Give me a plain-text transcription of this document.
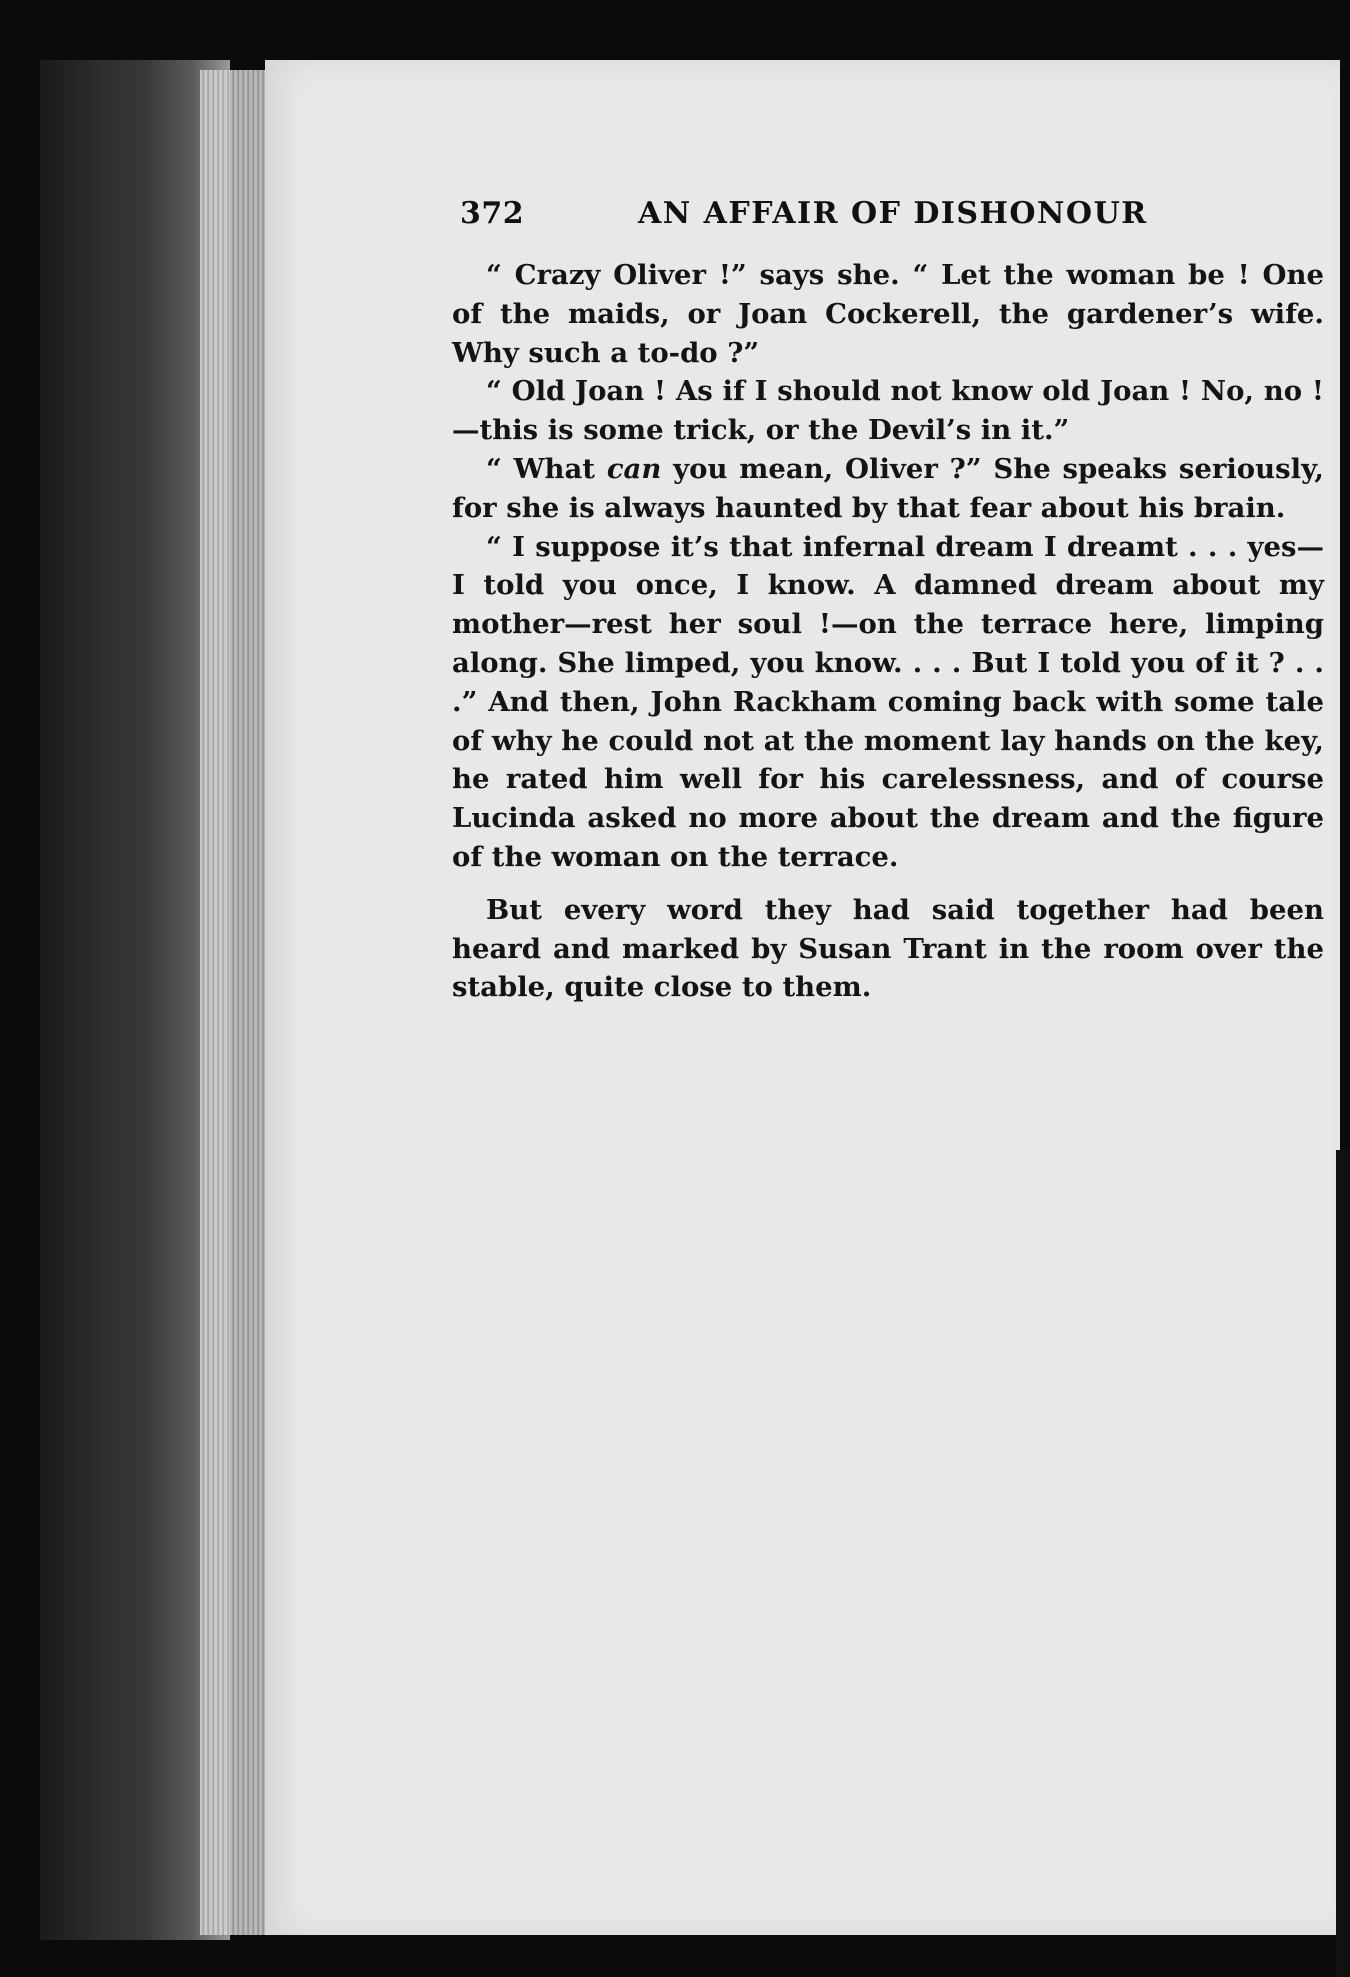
372	AN AFFAIR OF DISHONOUR

“ Crazy Oliver !” says she. “ Let the woman be ! One of the maids, or Joan Cockerell, the gardener’s wife. Why such a to-do ?”

“ Old Joan ! As if I should not know old Joan ! No, no !—this is some trick, or the Devil’s in it.”

“ What can you mean, Oliver ?” She speaks seriously, for she is always haunted by that fear about his brain.

“ I suppose it’s that infernal dream I dreamt . . . yes—I told you once, I know. A damned dream about my mother—rest her soul !—on the terrace here, limping along. She limped, you know. . . . But I told you of it ? . . .” And then, John Rackham coming back with some tale of why he could not at the moment lay hands on the key, he rated him well for his carelessness, and of course Lucinda asked no more about the dream and the figure of the woman on the terrace.

But every word they had said together had been heard and marked by Susan Trant in the room over the stable, quite close to them.
